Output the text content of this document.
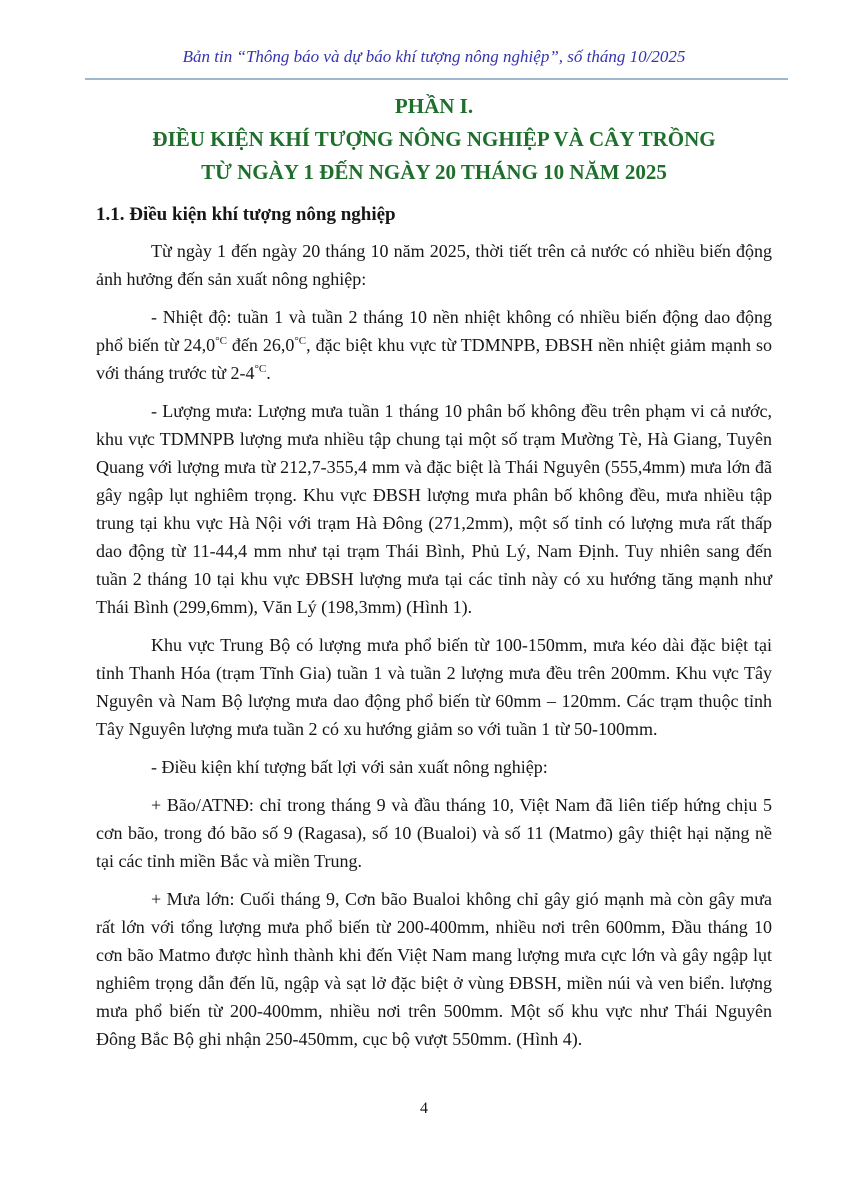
Bản tin “Thông báo và dự báo khí tượng nông nghiệp”, số tháng 10/2025
PHẦN I.
ĐIỀU KIỆN KHÍ TƯỢNG NÔNG NGHIỆP VÀ CÂY TRỒNG
TỪ NGÀY 1 ĐẾN NGÀY 20 THÁNG 10 NĂM 2025
1.1. Điều kiện khí tượng nông nghiệp

Từ ngày 1 đến ngày 20 tháng 10 năm 2025, thời tiết trên cả nước có nhiều biến động ảnh hưởng đến sản xuất nông nghiệp:

- Nhiệt độ: tuần 1 và tuần 2 tháng 10 nền nhiệt không có nhiều biến động dao động phổ biến từ $24,0^{^\circ C}$ đến $26,0^{^\circ C}$, đặc biệt khu vực từ TDMNPB, ĐBSH nền nhiệt giảm mạnh so với tháng trước từ $2-4^{^\circ C}$.

- Lượng mưa: Lượng mưa tuần 1 tháng 10 phân bố không đều trên phạm vi cả nước, khu vực TDMNPB lượng mưa nhiều tập chung tại một số trạm Mường Tè, Hà Giang, Tuyên Quang với lượng mưa từ 212,7-355,4 mm và đặc biệt là Thái Nguyên (555,4mm) mưa lớn đã gây ngập lụt nghiêm trọng. Khu vực ĐBSH lượng mưa phân bố không đều, mưa nhiều tập trung tại khu vực Hà Nội với trạm Hà Đông (271,2mm), một số tỉnh có lượng mưa rất thấp dao động từ 11-44,4 mm như tại trạm Thái Bình, Phủ Lý, Nam Định. Tuy nhiên sang đến tuần 2 tháng 10 tại khu vực ĐBSH lượng mưa tại các tỉnh này có xu hướng tăng mạnh như Thái Bình (299,6mm), Văn Lý (198,3mm) (Hình 1).

Khu vực Trung Bộ có lượng mưa phổ biến từ 100-150mm, mưa kéo dài đặc biệt tại tỉnh Thanh Hóa (trạm Tĩnh Gia) tuần 1 và tuần 2 lượng mưa đều trên 200mm. Khu vực Tây Nguyên và Nam Bộ lượng mưa dao động phổ biến từ 60mm – 120mm. Các trạm thuộc tỉnh Tây Nguyên lượng mưa tuần 2 có xu hướng giảm so với tuần 1 từ 50-100mm.

- Điều kiện khí tượng bất lợi với sản xuất nông nghiệp:

+ Bão/ATNĐ: chỉ trong tháng 9 và đầu tháng 10, Việt Nam đã liên tiếp hứng chịu 5 cơn bão, trong đó bão số 9 (Ragasa), số 10 (Bualoi) và số 11 (Matmo) gây thiệt hại nặng nề tại các tỉnh miền Bắc và miền Trung.

+ Mưa lớn: Cuối tháng 9, Cơn bão Bualoi không chỉ gây gió mạnh mà còn gây mưa rất lớn với tổng lượng mưa phổ biến từ 200-400mm, nhiều nơi trên 600mm, Đầu tháng 10 cơn bão Matmo được hình thành khi đến Việt Nam mang lượng mưa cực lớn và gây ngập lụt nghiêm trọng dẫn đến lũ, ngập và sạt lở đặc biệt ở vùng ĐBSH, miền núi và ven biển. lượng mưa phổ biến từ 200-400mm, nhiều nơi trên 500mm. Một số khu vực như Thái Nguyên Đông Bắc Bộ ghi nhận 250-450mm, cục bộ vượt 550mm. (Hình 4).

4
